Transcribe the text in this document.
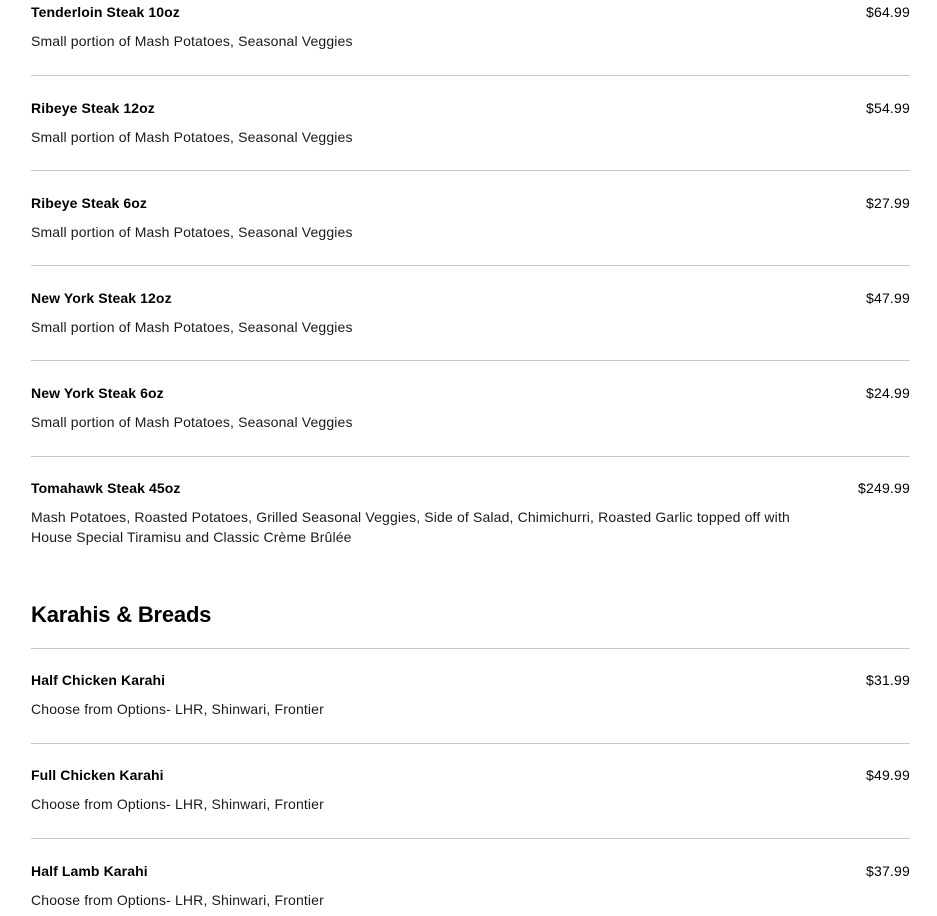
Tenderloin Steak 10oz	$64.99
Small portion of Mash Potatoes, Seasonal Veggies
Ribeye Steak 12oz	$54.99
Small portion of Mash Potatoes, Seasonal Veggies
Ribeye Steak 6oz	$27.99
Small portion of Mash Potatoes, Seasonal Veggies
New York Steak 12oz	$47.99
Small portion of Mash Potatoes, Seasonal Veggies
New York Steak 6oz	$24.99
Small portion of Mash Potatoes, Seasonal Veggies
Tomahawk Steak 45oz	$249.99
Mash Potatoes, Roasted Potatoes, Grilled Seasonal Veggies, Side of Salad, Chimichurri, Roasted Garlic topped off with House Special Tiramisu and Classic Crème Brûlée
Karahis & Breads
Half Chicken Karahi	$31.99
Choose from Options- LHR, Shinwari, Frontier
Full Chicken Karahi	$49.99
Choose from Options- LHR, Shinwari, Frontier
Half Lamb Karahi	$37.99
Choose from Options- LHR, Shinwari, Frontier
